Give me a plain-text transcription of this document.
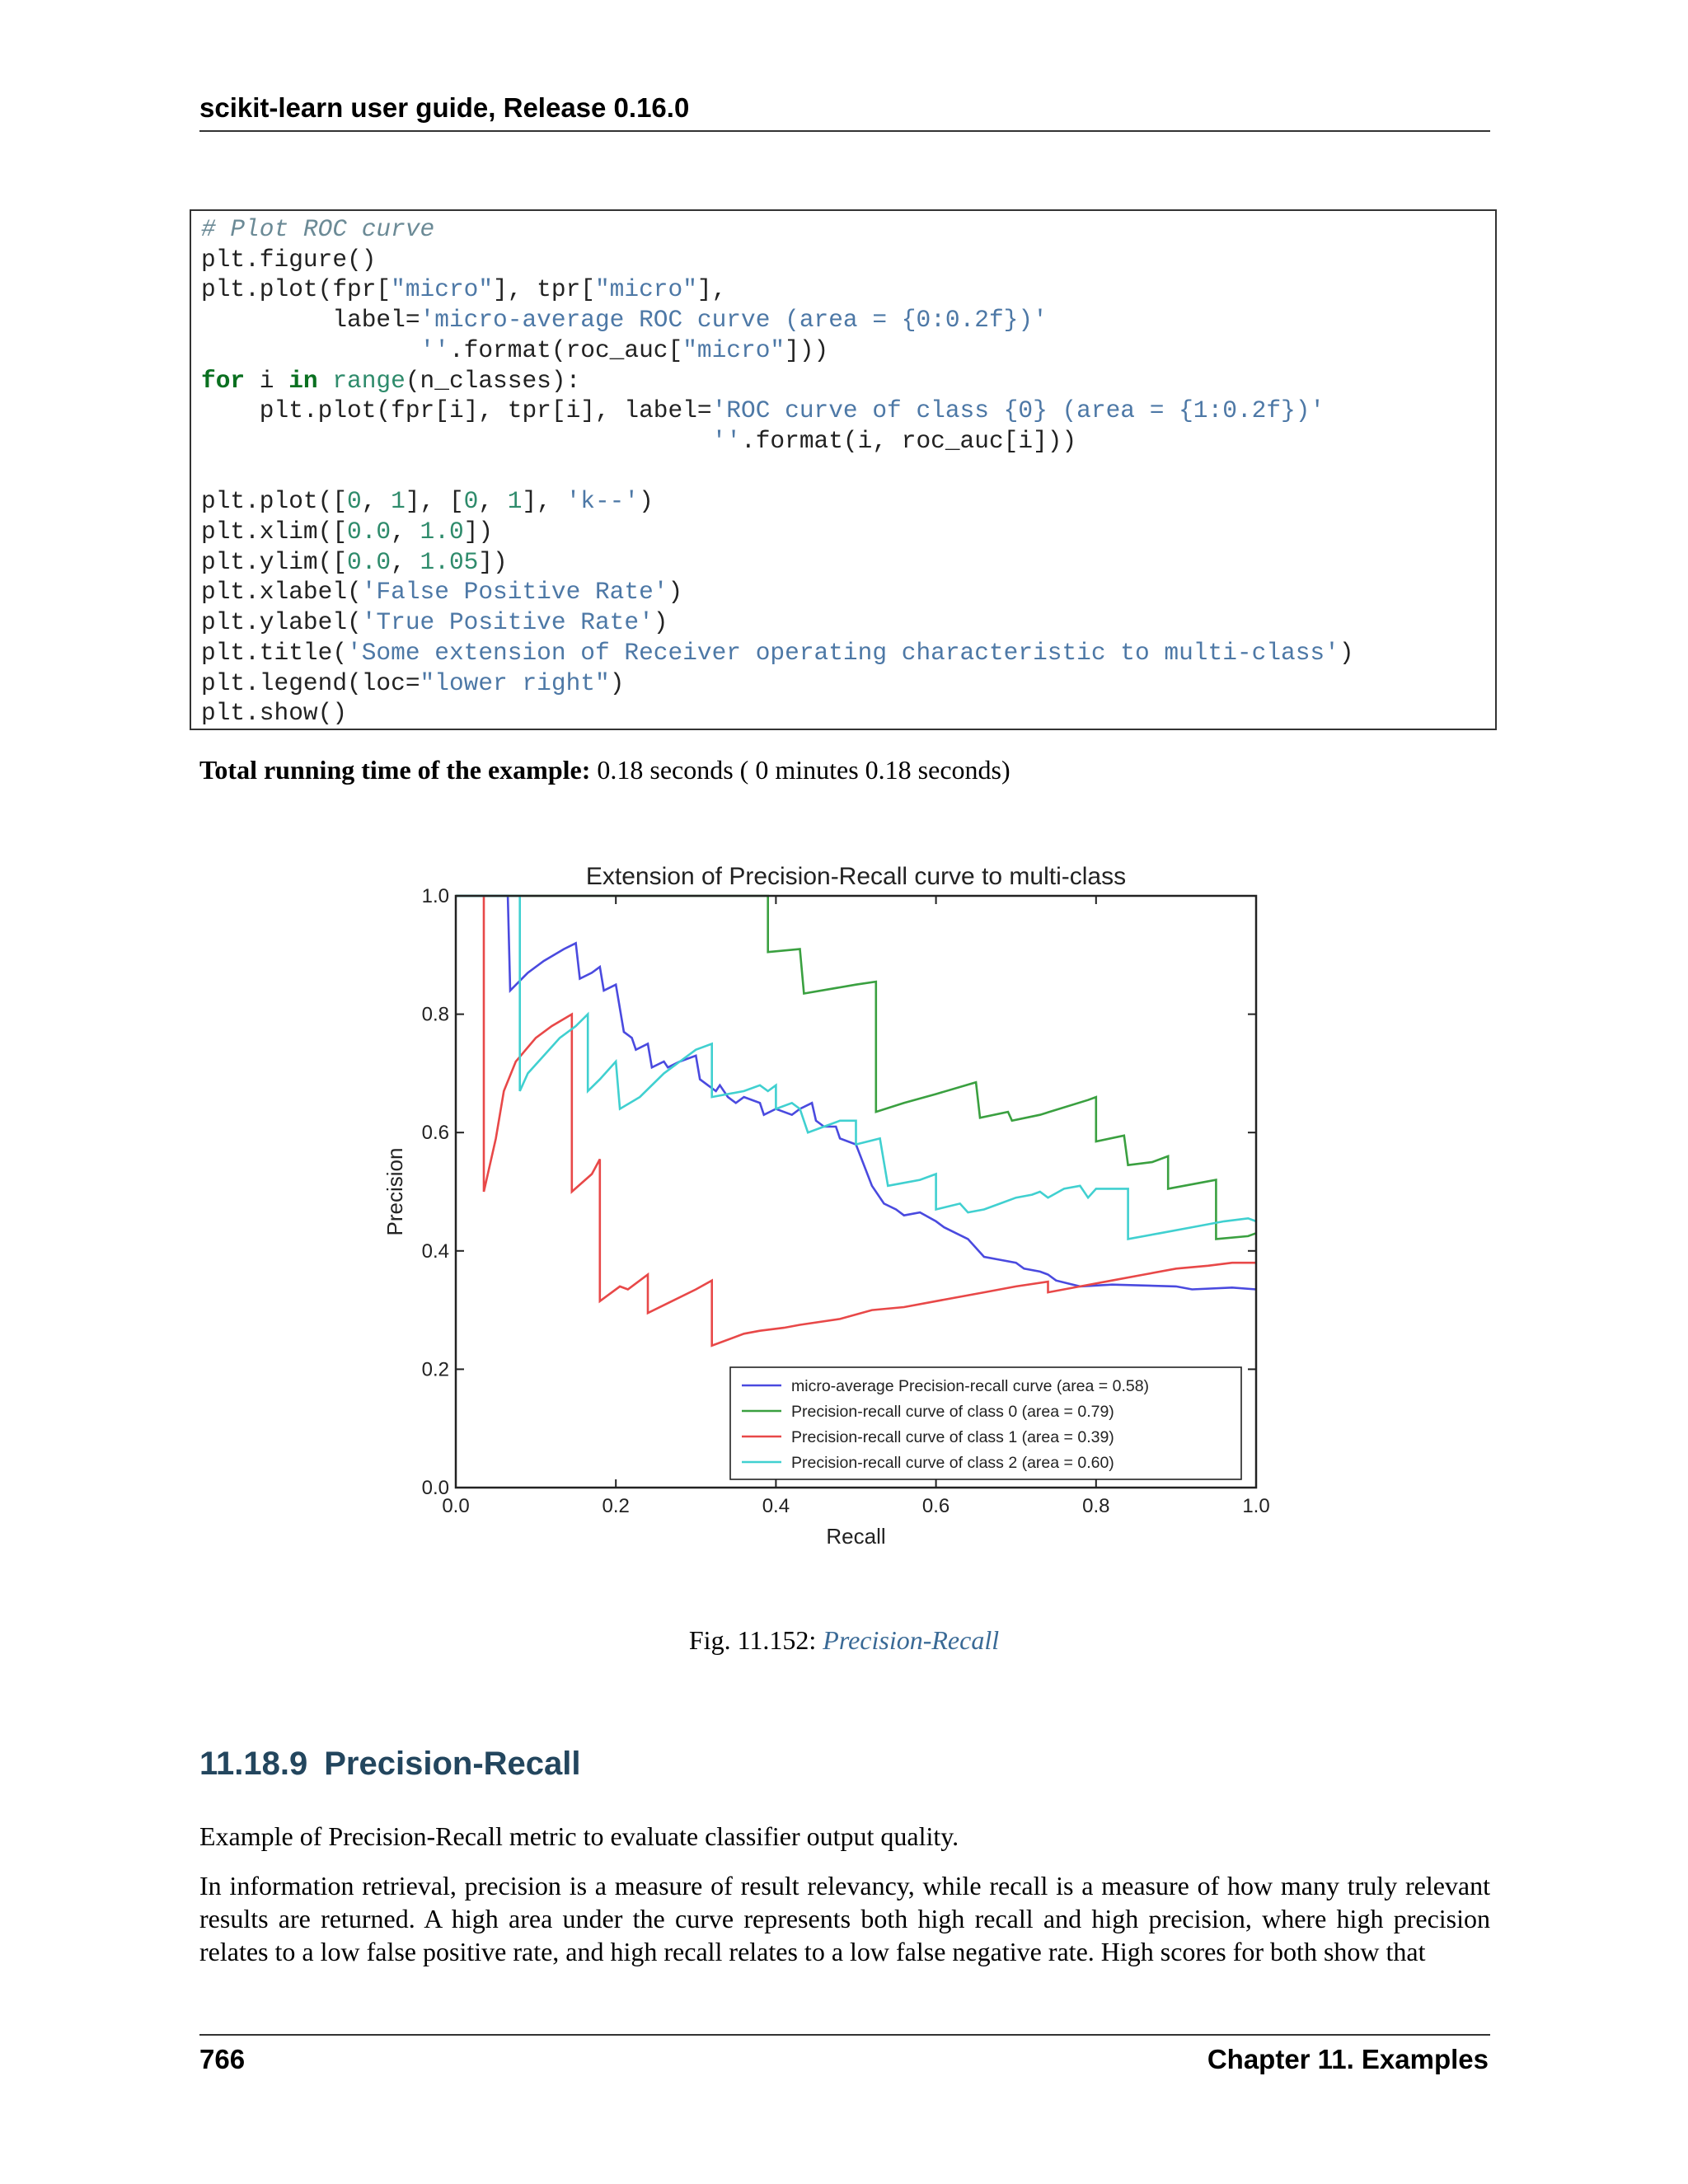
scikit-learn user guide, Release 0.16.0
# Plot ROC curve
plt.figure()
plt.plot(fpr["micro"], tpr["micro"],
label='micro-average ROC curve (area = {0:0.2f})'
''.format(roc_auc["micro"]))
for i in range(n_classes):
plt.plot(fpr[i], tpr[i], label='ROC curve of class {0} (area = {1:0.2f})'
''.format(i, roc_auc[i]))

plt.plot([0, 1], [0, 1], 'k--')
plt.xlim([0.0, 1.0])
plt.ylim([0.0, 1.05])
plt.xlabel('False Positive Rate')
plt.ylabel('True Positive Rate')
plt.title('Some extension of Receiver operating characteristic to multi-class')
plt.legend(loc="lower right")
plt.show()
Total running time of the example: 0.18 seconds ( 0 minutes 0.18 seconds)
Extension of Precision-Recall curve to multi-class
0.0	0.2	0.4	0.6	0.8	1.0
0.0
0.2
0.4
0.6
0.8
1.0
Recall
Precision
micro-average Precision-recall curve (area = 0.58)
Precision-recall curve of class 0 (area = 0.79)
Precision-recall curve of class 1 (area = 0.39)
Precision-recall curve of class 2 (area = 0.60)
Fig. 11.152: Precision-Recall
11.18.9 Precision-Recall
Example of Precision-Recall metric to evaluate classifier output quality.
In information retrieval, precision is a measure of result relevancy, while recall is a measure of how many truly relevant results are returned. A high area under the curve represents both high recall and high precision, where high precision relates to a low false positive rate, and high recall relates to a low false negative rate. High scores for both show that
766	Chapter 11. Examples
